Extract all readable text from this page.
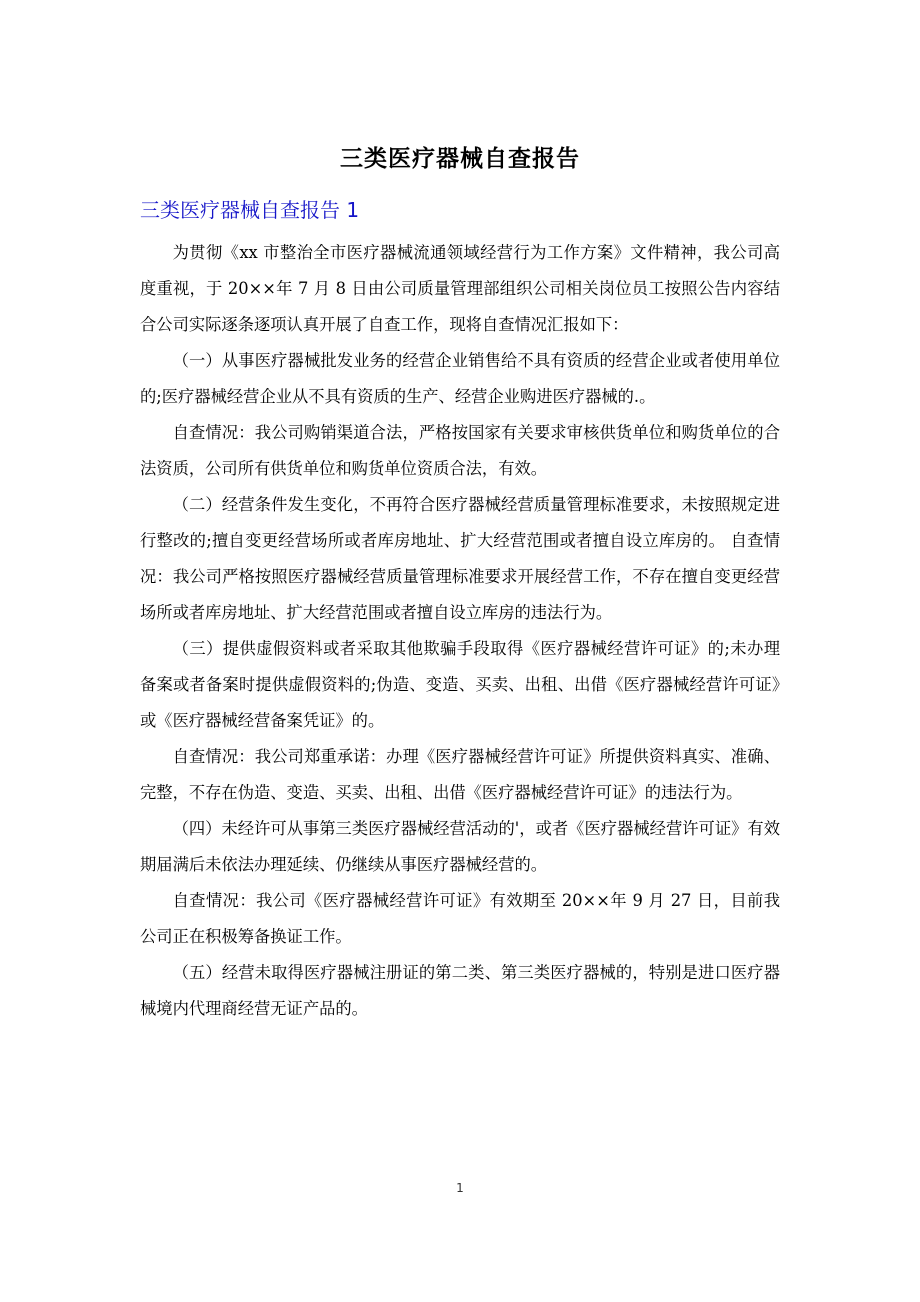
三类医疗器械自查报告
三类医疗器械自查报告 1

为贯彻《xx 市整治全市医疗器械流通领域经营行为工作方案》文件精神，我公司高度重视，于 20××年 7 月 8 日由公司质量管理部组织公司相关岗位员工按照公告内容结合公司实际逐条逐项认真开展了自查工作，现将自查情况汇报如下：

（一）从事医疗器械批发业务的经营企业销售给不具有资质的经营企业或者使用单位的;医疗器械经营企业从不具有资质的生产、经营企业购进医疗器械的.。

自查情况：我公司购销渠道合法，严格按国家有关要求审核供货单位和购货单位的合法资质，公司所有供货单位和购货单位资质合法，有效。

（二）经营条件发生变化，不再符合医疗器械经营质量管理标准要求，未按照规定进行整改的;擅自变更经营场所或者库房地址、扩大经营范围或者擅自设立库房的。 自查情况：我公司严格按照医疗器械经营质量管理标准要求开展经营工作，不存在擅自变更经营场所或者库房地址、扩大经营范围或者擅自设立库房的违法行为。

（三）提供虚假资料或者采取其他欺骗手段取得《医疗器械经营许可证》的;未办理备案或者备案时提供虚假资料的;伪造、变造、买卖、出租、出借《医疗器械经营许可证》或《医疗器械经营备案凭证》的。

自查情况：我公司郑重承诺：办理《医疗器械经营许可证》所提供资料真实、准确、完整，不存在伪造、变造、买卖、出租、出借《医疗器械经营许可证》的违法行为。

（四）未经许可从事第三类医疗器械经营活动的'，或者《医疗器械经营许可证》有效期届满后未依法办理延续、仍继续从事医疗器械经营的。

自查情况：我公司《医疗器械经营许可证》有效期至 20××年 9 月 27 日，目前我公司正在积极筹备换证工作。

（五）经营未取得医疗器械注册证的第二类、第三类医疗器械的，特别是进口医疗器械境内代理商经营无证产品的。

1
